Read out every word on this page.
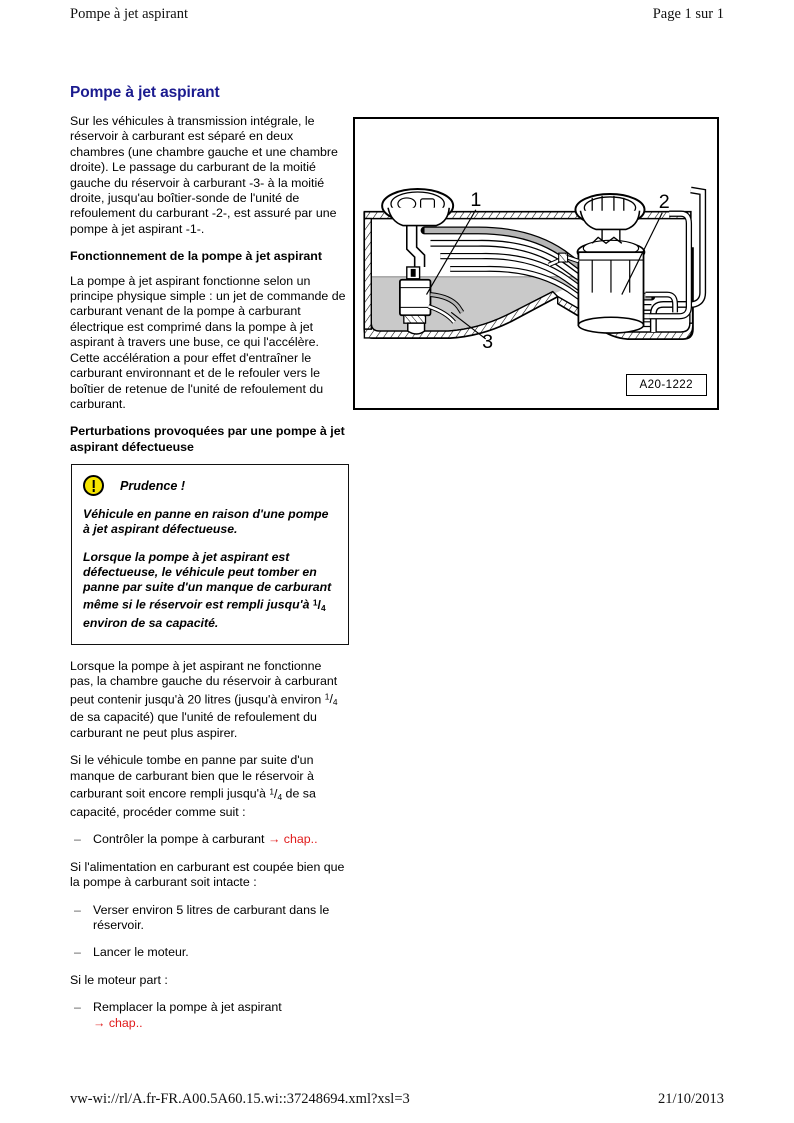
Pompe à jet aspirant	Page 1 sur 1
1	2
3
A20-1222
Pompe à jet aspirant

Sur les véhicules à transmission intégrale, le réservoir à carburant est séparé en deux chambres (une chambre gauche et une chambre droite). Le passage du carburant de la moitié gauche du réservoir à carburant -3- à la moitié droite, jusqu'au boîtier-sonde de l'unité de refoulement du carburant -2-, est assuré par une pompe à jet aspirant -1-.

Fonctionnement de la pompe à jet aspirant

La pompe à jet aspirant fonctionne selon un principe physique simple : un jet de commande de carburant venant de la pompe à carburant électrique est comprimé dans la pompe à jet aspirant à travers une buse, ce qui l'accélère. Cette accélération a pour effet d'entraîner le carburant environnant et de le refouler vers le boîtier de retenue de l'unité de refoulement du carburant.

Perturbations provoquées par une pompe à jet aspirant défectueuse
Prudence !

Véhicule en panne en raison d'une pompe à jet aspirant défectueuse.

Lorsque la pompe à jet aspirant est défectueuse, le véhicule peut tomber en panne par suite d'un manque de carburant même si le réservoir est rempli jusqu'à $^1$/4 environ de sa capacité.

Lorsque la pompe à jet aspirant ne fonctionne pas, la chambre gauche du réservoir à carburant peut contenir jusqu'à 20 litres (jusqu'à environ $^1$/4 de sa capacité) que l'unité de refoulement du carburant ne peut plus aspirer.

Si le véhicule tombe en panne par suite d'un manque de carburant bien que le réservoir à carburant soit encore rempli jusqu'à $^1$/4 de sa capacité, procéder comme suit :

– Contrôler la pompe à carburant → chap..

Si l'alimentation en carburant est coupée bien que la pompe à carburant soit intacte :

– Verser environ 5 litres de carburant dans le réservoir.
– Lancer le moteur.

Si le moteur part :

– Remplacer la pompe à jet aspirant
→ chap..
vw-wi://rl/A.fr-FR.A00.5A60.15.wi::37248694.xml?xsl=3	21/10/2013
